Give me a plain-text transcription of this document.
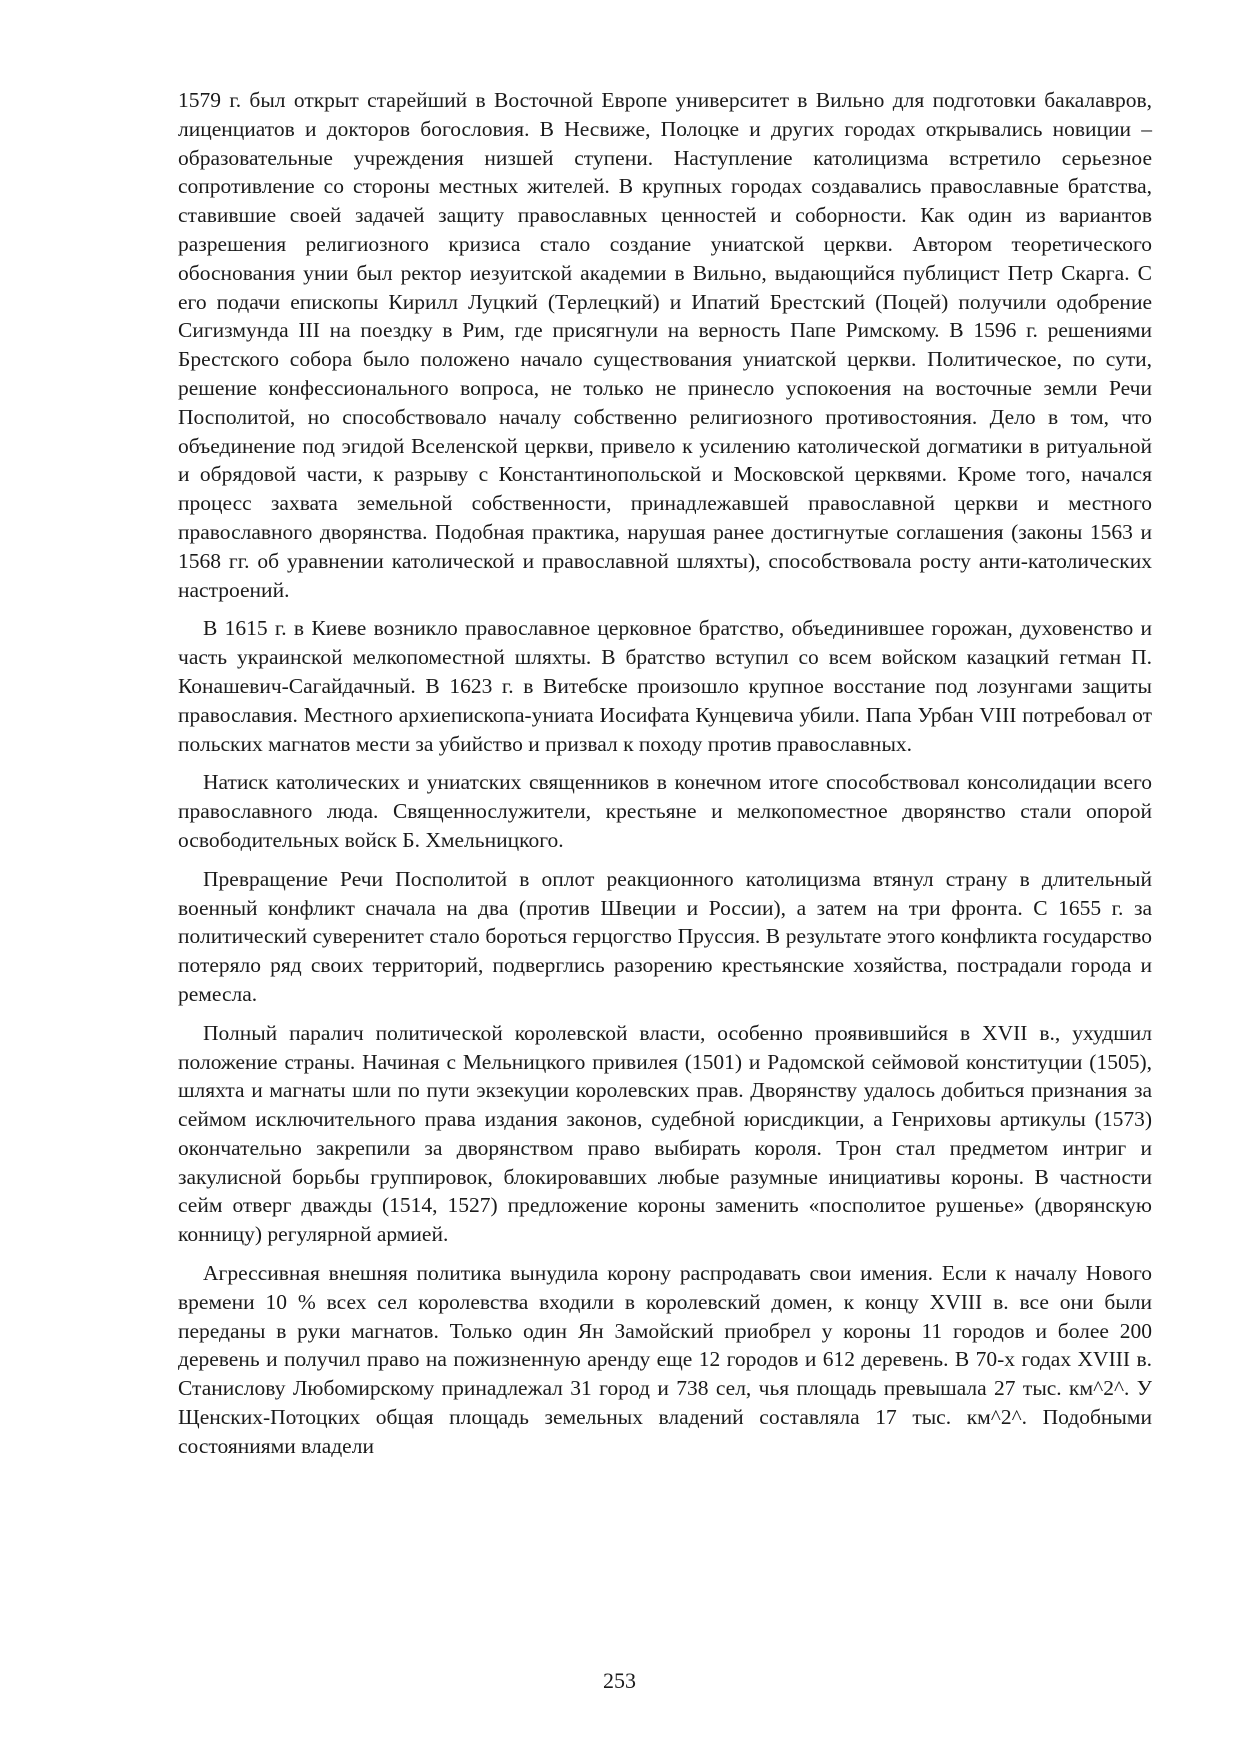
1579 г. был открыт старейший в Восточной Европе университет в Вильно для подготовки бакалавров, лиценциатов и докторов богословия. В Несвиже, Полоцке и других городах открывались новиции – образовательные учреждения низшей ступени. Наступление католицизма встретило серьезное сопротивление со стороны местных жителей. В крупных городах создавались православные братства, ставившие своей задачей защиту православных ценностей и соборности. Как один из вариантов разрешения религиозного кризиса стало создание униатской церкви. Автором теоретического обоснования унии был ректор иезуитской академии в Вильно, выдающийся публицист Петр Скарга. С его подачи епископы Кирилл Луцкий (Терлецкий) и Ипатий Брестский (Поцей) получили одобрение Сигизмунда III на поездку в Рим, где присягнули на верность Папе Римскому. В 1596 г. решениями Брестского собора было положено начало существования униатской церкви. Политическое, по сути, решение конфессионального вопроса, не только не принесло успокоения на восточные земли Речи Посполитой, но способствовало началу собственно религиозного противостояния. Дело в том, что объединение под эгидой Вселенской церкви, привело к усилению католической догматики в ритуальной и обрядовой части, к разрыву с Константинопольской и Московской церквями. Кроме того, начался процесс захвата земельной собственности, принадлежавшей православной церкви и местного православного дворянства. Подобная практика, нарушая ранее достигнутые соглашения (законы 1563 и 1568 гг. об уравнении католической и православной шляхты), способствовала росту анти-католических настроений.

В 1615 г. в Киеве возникло православное церковное братство, объединившее горожан, духовенство и часть украинской мелкопоместной шляхты. В братство вступил со всем войском казацкий гетман П. Конашевич-Сагайдачный. В 1623 г. в Витебске произошло крупное восстание под лозунгами защиты православия. Местного архиепископа-униата Иосифата Кунцевича убили. Папа Урбан VIII потребовал от польских магнатов мести за убийство и призвал к походу против православных.

Натиск католических и униатских священников в конечном итоге способствовал консолидации всего православного люда. Священнослужители, крестьяне и мелкопоместное дворянство стали опорой освободительных войск Б. Хмельницкого.

Превращение Речи Посполитой в оплот реакционного католицизма втянул страну в длительный военный конфликт сначала на два (против Швеции и России), а затем на три фронта. С 1655 г. за политический суверенитет стало бороться герцогство Пруссия. В результате этого конфликта государство потеряло ряд своих территорий, подверглись разорению крестьянские хозяйства, пострадали города и ремесла.

Полный паралич политической королевской власти, особенно проявившийся в XVII в., ухудшил положение страны. Начиная с Мельницкого привилея (1501) и Радомской сеймовой конституции (1505), шляхта и магнаты шли по пути экзекуции королевских прав. Дворянству удалось добиться признания за сеймом исключительного права издания законов, судебной юрисдикции, а Генриховы артикулы (1573) окончательно закрепили за дворянством право выбирать короля. Трон стал предметом интриг и закулисной борьбы группировок, блокировавших любые разумные инициативы короны. В частности сейм отверг дважды (1514, 1527) предложение короны заменить «посполитое рушенье» (дворянскую конницу) регулярной армией.

Агрессивная внешняя политика вынудила корону распродавать свои имения. Если к началу Нового времени 10 % всех сел королевства входили в королевский домен, к концу XVIII в. все они были переданы в руки магнатов. Только один Ян Замойский приобрел у короны 11 городов и более 200 деревень и получил право на пожизненную аренду еще 12 городов и 612 деревень. В 70-х годах XVIII в. Станислову Любомирскому принадлежал 31 город и 738 сел, чья площадь превышала 27 тыс. км^2^. У Щенских-Потоцких общая площадь земельных владений составляла 17 тыс. км^2^. Подобными состояниями владели

253
